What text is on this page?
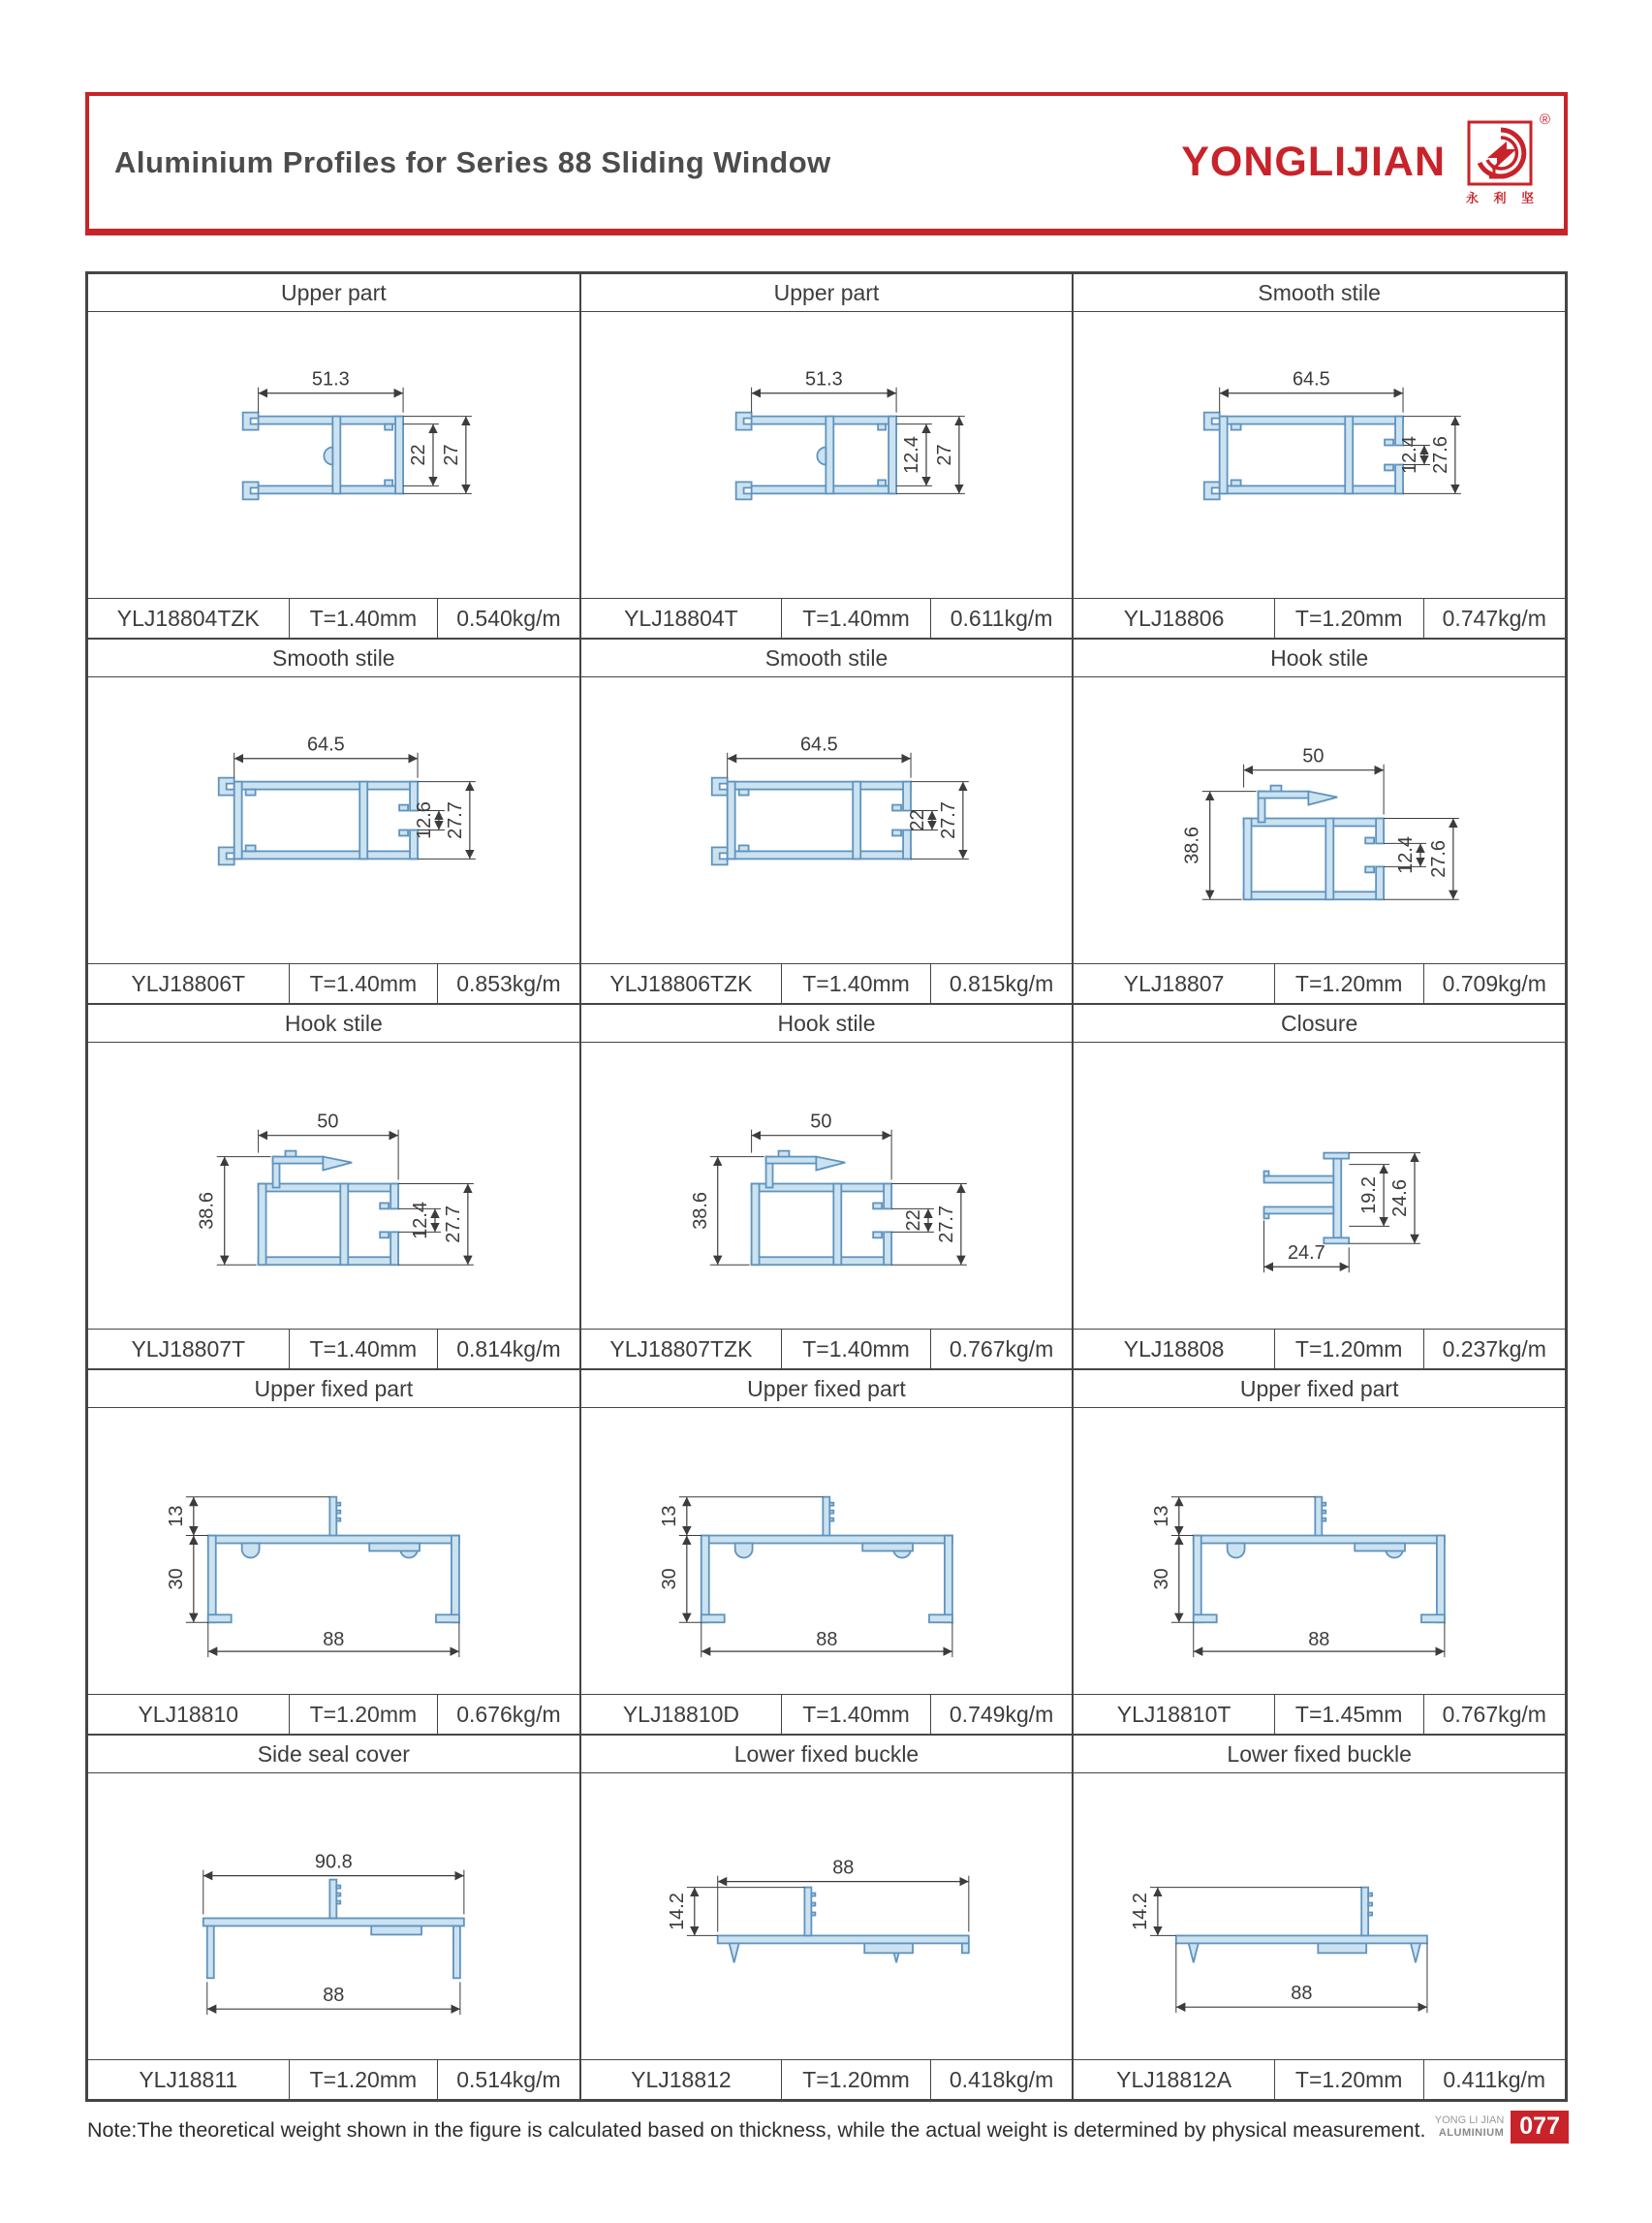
Aluminium Profiles for Series 88 Sliding Window	YONGLIJIAN
®
永 利 坚
Upper part
51.3
22 27
YLJ18804TZK	T=1.40mm	0.540kg/m
Upper part
51.3
12.4 27
YLJ18804T	T=1.40mm	0.611kg/m
Smooth stile
64.5
12.4 27.6
YLJ18806	T=1.20mm	0.747kg/m
Smooth stile
64.5
12.6 27.7
YLJ18806T	T=1.40mm	0.853kg/m
Smooth stile
64.5
22 27.7
YLJ18806TZK	T=1.40mm	0.815kg/m
Hook stile
50
38.6	12.4 27.6
YLJ18807	T=1.20mm	0.709kg/m
Hook stile
50
38.6	12.4 27.7
YLJ18807T	T=1.40mm	0.814kg/m
Hook stile
50
38.6	22 27.7
YLJ18807TZK	T=1.40mm	0.767kg/m
Closure
19.2 24.6
24.7
YLJ18808	T=1.20mm	0.237kg/m
Upper fixed part
13
30
88
YLJ18810	T=1.20mm	0.676kg/m
Upper fixed part
13
30
88
YLJ18810D	T=1.40mm	0.749kg/m
Upper fixed part
13
30
88
YLJ18810T	T=1.45mm	0.767kg/m
Side seal cover
90.8
88
YLJ18811	T=1.20mm	0.514kg/m
Lower fixed buckle
88
14.2
YLJ18812	T=1.20mm	0.418kg/m
Lower fixed buckle
14.2
88
YLJ18812A	T=1.20mm	0.411kg/m
Note:The theoretical weight shown in the figure is calculated based on thickness, while the actual weight is determined by physical measurement. YONG LI JIAN
ALUMINIUM 077
